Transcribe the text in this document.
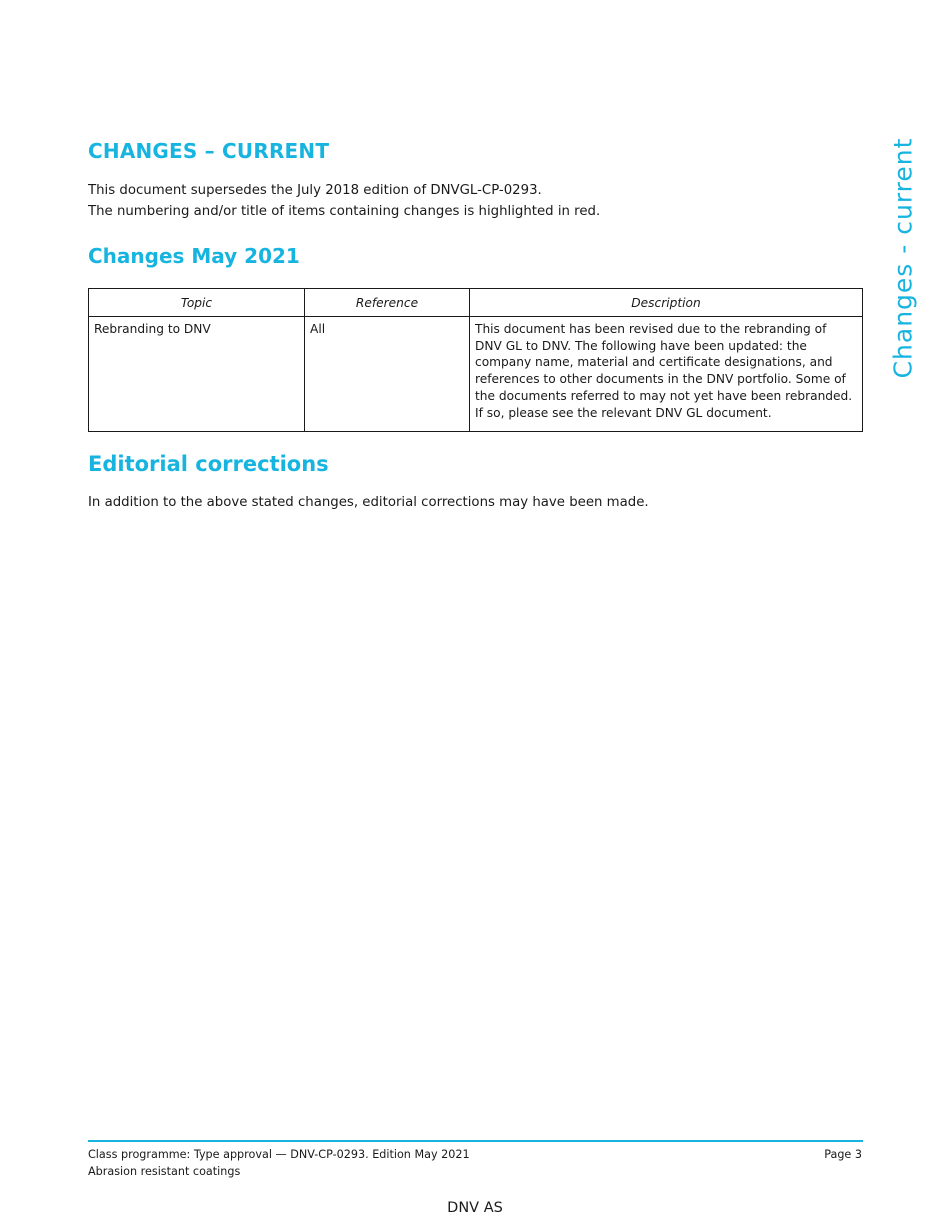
CHANGES – CURRENT

This document supersedes the July 2018 edition of DNVGL-CP-0293.

The numbering and/or title of items containing changes is highlighted in red.

Changes May 2021
Topic	Reference	Description
Rebranding to DNV	All	This document has been revised due to the rebranding of DNV GL to DNV. The following have been updated: the company name, material and certificate designations, and references to other documents in the DNV portfolio. Some of the documents referred to may not yet have been rebranded. If so, please see the relevant DNV GL document.
Editorial corrections

In addition to the above stated changes, editorial corrections may have been made.

Changes - current
Class programme: Type approval — DNV-CP-0293. Edition May 2021
Abrasion resistant coatings
Page 3
DNV AS
